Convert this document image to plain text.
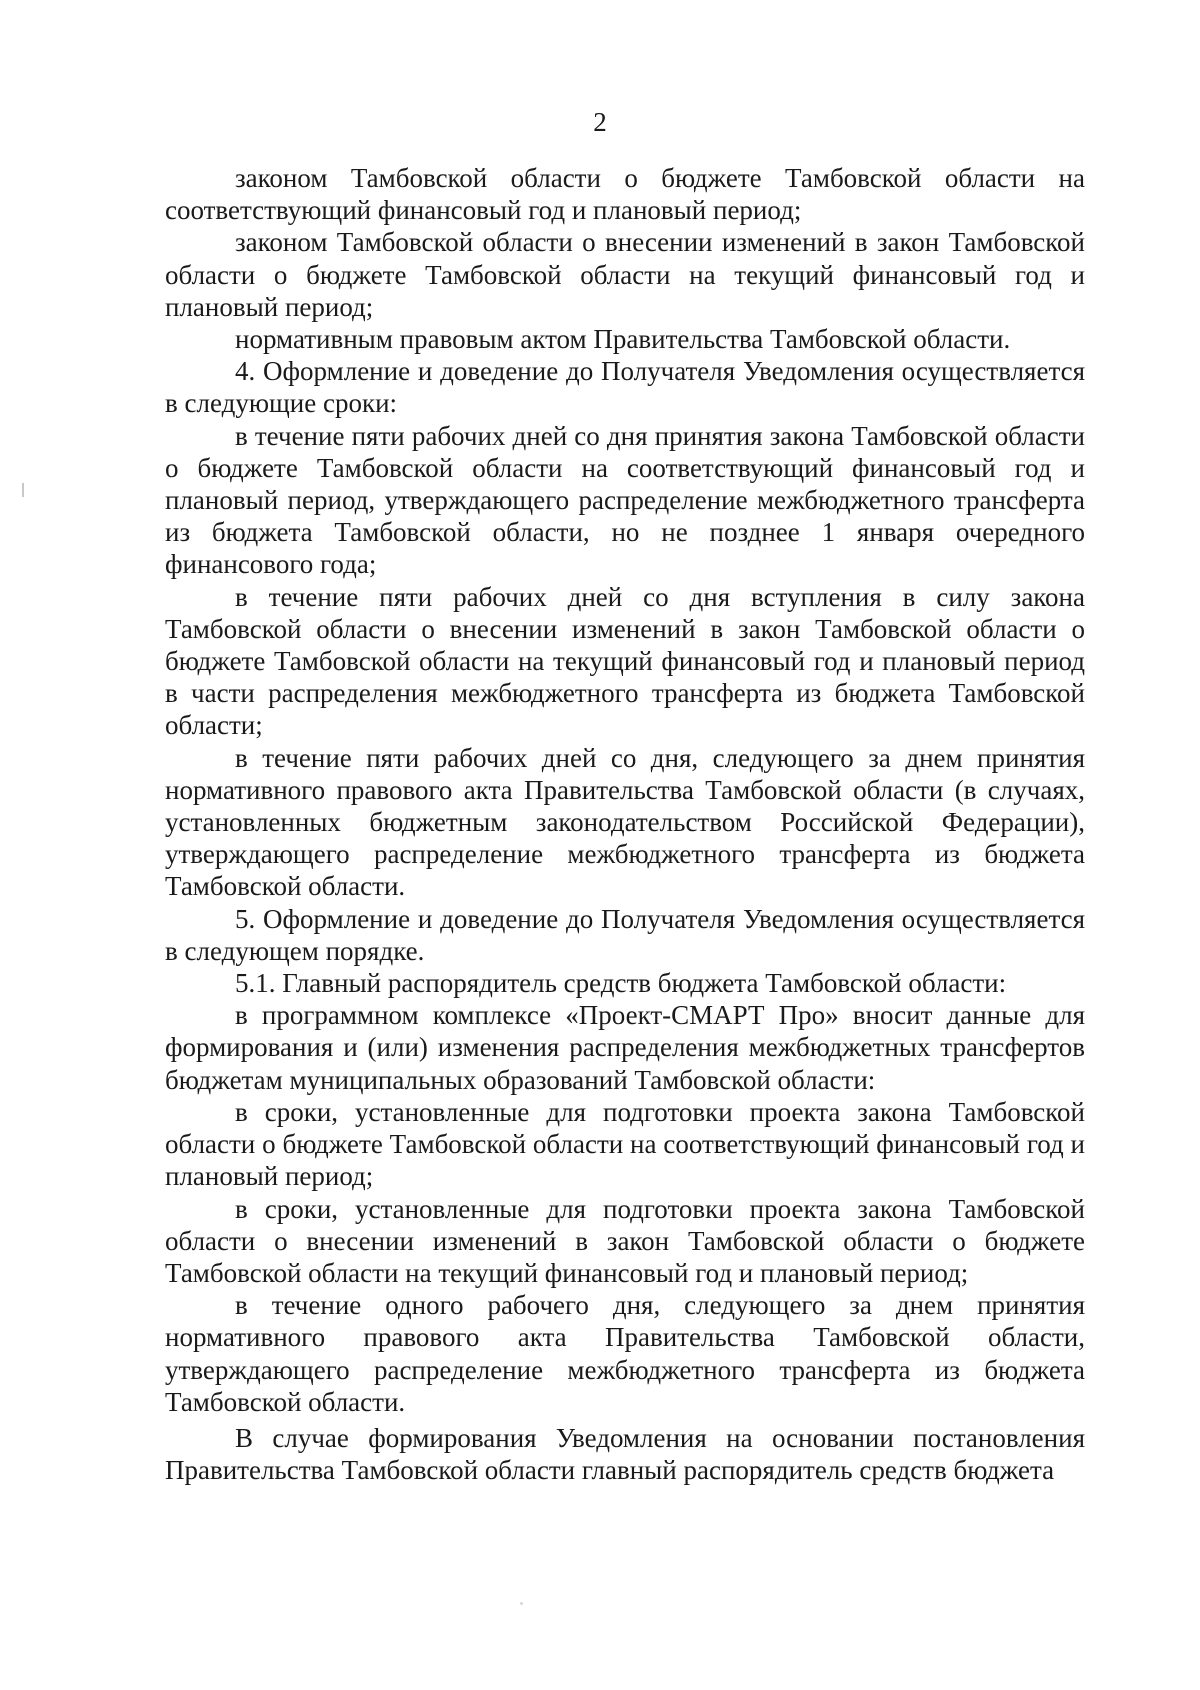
2

законом Тамбовской области о бюджете Тамбовской области на соответствующий финансовый год и плановый период;

законом Тамбовской области о внесении изменений в закон Тамбовской области о бюджете Тамбовской области на текущий финансовый год и плановый период;

нормативным правовым актом Правительства Тамбовской области.

4. Оформление и доведение до Получателя Уведомления осуществляется в следующие сроки:

в течение пяти рабочих дней со дня принятия закона Тамбовской области о бюджете Тамбовской области на соответствующий финансовый год и плановый период, утверждающего распределение межбюджетного трансферта из бюджета Тамбовской области, но не позднее 1 января очередного финансового года;

в течение пяти рабочих дней со дня вступления в силу закона Тамбовской области о внесении изменений в закон Тамбовской области о бюджете Тамбовской области на текущий финансовый год и плановый период в части распределения межбюджетного трансферта из бюджета Тамбовской области;

в течение пяти рабочих дней со дня, следующего за днем принятия нормативного правового акта Правительства Тамбовской области (в случаях, установленных бюджетным законодательством Российской Федерации), утверждающего распределение межбюджетного трансферта из бюджета Тамбовской области.

5. Оформление и доведение до Получателя Уведомления осуществляется в следующем порядке.

5.1. Главный распорядитель средств бюджета Тамбовской области:

в программном комплексе «Проект-СМАРТ Про» вносит данные для формирования и (или) изменения распределения межбюджетных трансфертов бюджетам муниципальных образований Тамбовской области:

в сроки, установленные для подготовки проекта закона Тамбовской области о бюджете Тамбовской области на соответствующий финансовый год и плановый период;

в сроки, установленные для подготовки проекта закона Тамбовской области о внесении изменений в закон Тамбовской области о бюджете Тамбовской области на текущий финансовый год и плановый период;

в течение одного рабочего дня, следующего за днем принятия нормативного правового акта Правительства Тамбовской области, утверждающего распределение межбюджетного трансферта из бюджета Тамбовской области.

В случае формирования Уведомления на основании постановления Правительства Тамбовской области главный распорядитель средств бюджета
